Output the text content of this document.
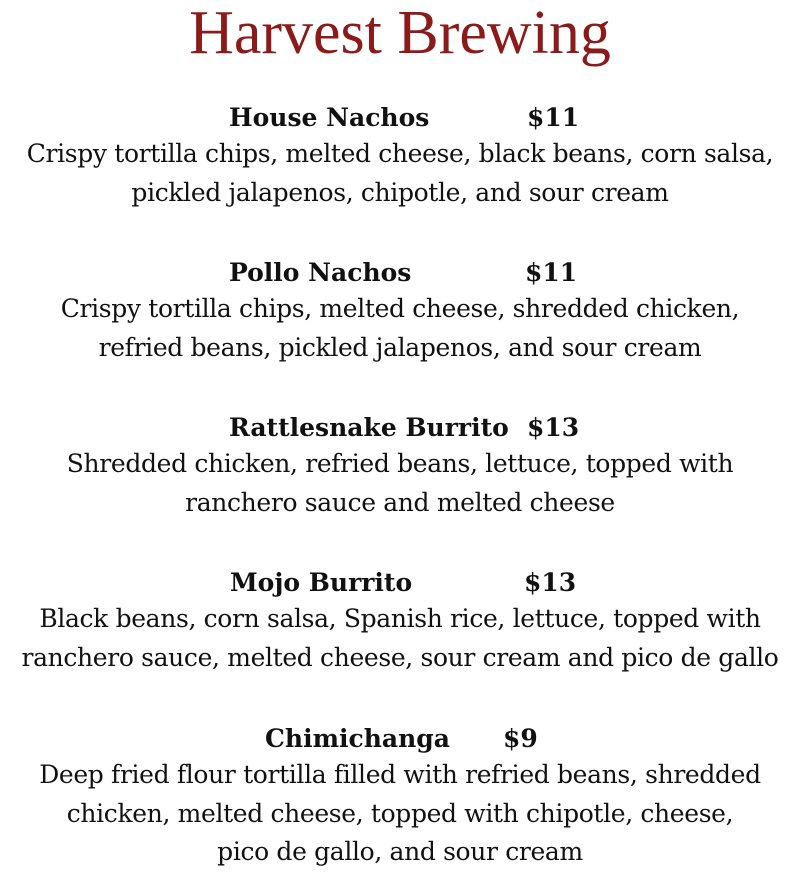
Harvest Brewing
House Nachos	$11
Crispy tortilla chips, melted cheese, black beans, corn salsa,
pickled jalapenos, chipotle, and sour cream
Pollo Nachos	$11
Crispy tortilla chips, melted cheese, shredded chicken,
refried beans, pickled jalapenos, and sour cream
Rattlesnake Burrito $13
Shredded chicken, refried beans, lettuce, topped with
ranchero sauce and melted cheese
Mojo Burrito	$13
Black beans, corn salsa, Spanish rice, lettuce, topped with
ranchero sauce, melted cheese, sour cream and pico de gallo
Chimichanga $9
Deep fried flour tortilla filled with refried beans, shredded
chicken, melted cheese, topped with chipotle, cheese,
pico de gallo, and sour cream
